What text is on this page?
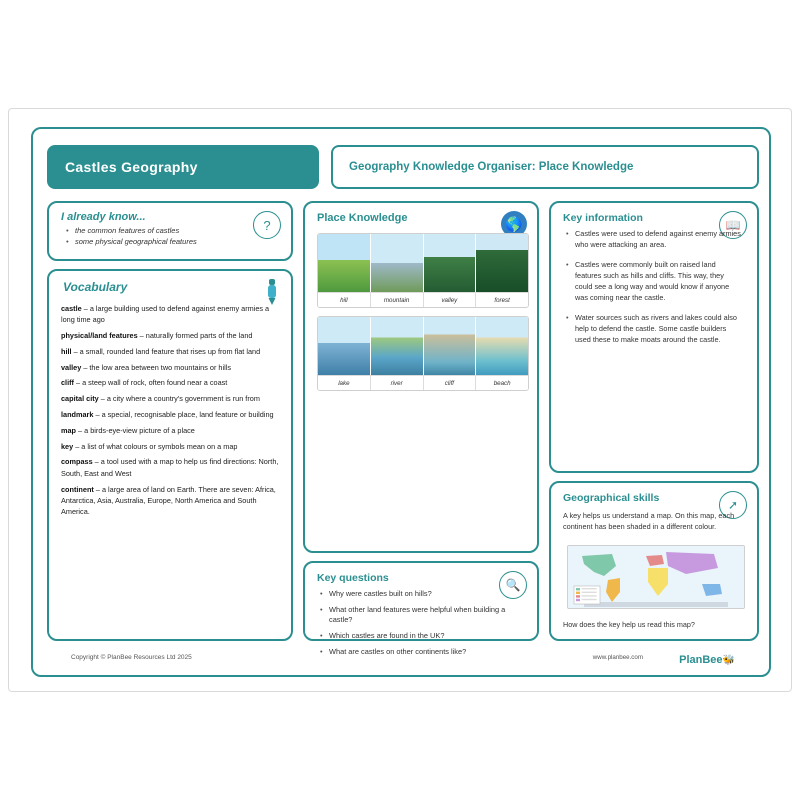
Castles Geography	Geography Knowledge Organiser: Place Knowledge
I already know...
?
• the common features of castles
• some physical geographical features
Vocabulary

castle – a large building used to defend against enemy armies a long time ago

physical/land features – naturally formed parts of the land

hill – a small, rounded land feature that rises up from flat land

valley – the low area between two mountains or hills

cliff – a steep wall of rock, often found near a coast

capital city – a city where a country's government is run from

landmark – a special, recognisable place, land feature or building

map – a birds-eye-view picture of a place

key – a list of what colours or symbols mean on a map

compass – a tool used with a map to help us find directions: North, South, East and West

continent – a large area of land on Earth. There are seven: Africa, Antarctica, Asia, Australia, Europe, North America and South America.

Place Knowledge	🌎
hill	mountain	valley	forest
lake	river	cliff	beach
Key questions	🔍
• Why were castles built on hills?
• What other land features were helpful when building a castle?
• Which castles are found in the UK?
• What are castles on other continents like?
Key information	📖
• Castles were used to defend against enemy armies who were attacking an area.
• Castles were commonly built on raised land features such as hills and cliffs. This way, they could see a long way and would know if anyone was coming near the castle.
• Water sources such as rivers and lakes could also help to defend the castle. Some castle builders used these to make moats around the castle.
Geographical skills	➚
A key helps us understand a map. On this map, each continent has been shaded in a different colour.
How does the key help us read this map?
Copyright © PlanBee Resources Ltd 2025	www.planbee.com	PlanBee🐝
